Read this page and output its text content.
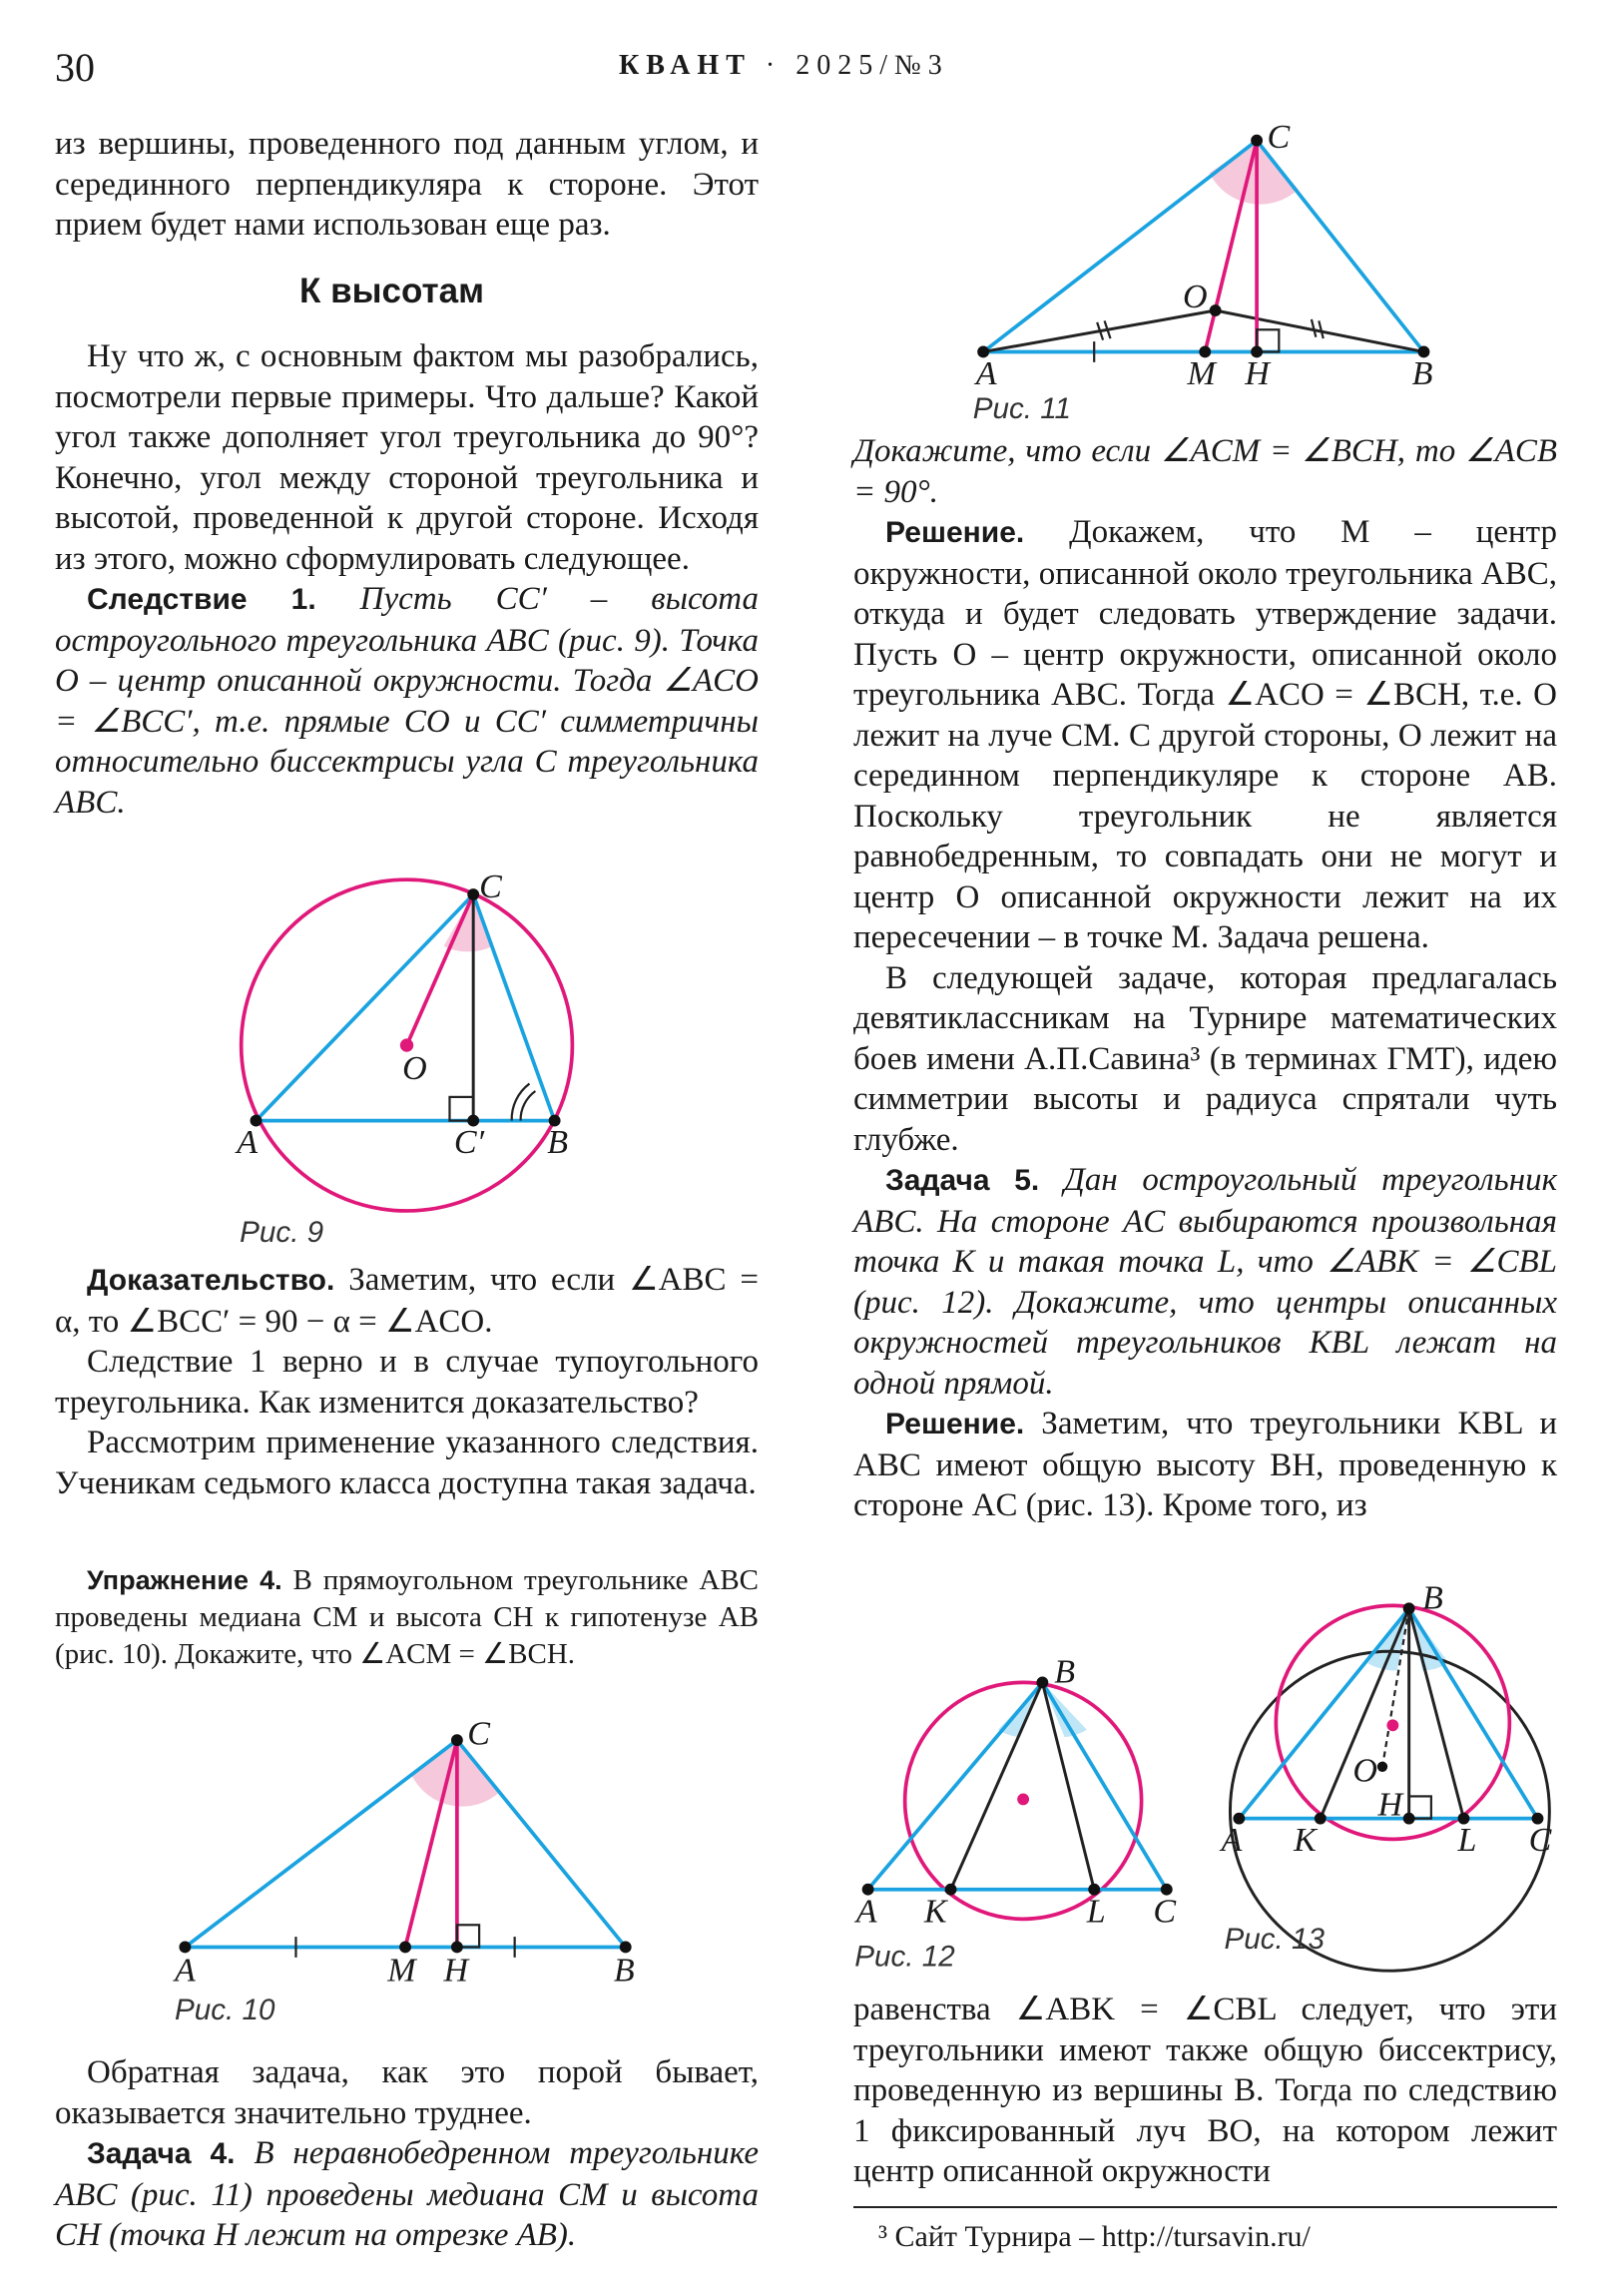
30	КВАНТ · 2025/№3

из вершины, проведенного под данным углом, и серединного перпендикуляра к стороне. Этот прием будет нами использован еще раз.

К высотам

Ну что ж, с основным фактом мы разобрались, посмотрели первые примеры. Что дальше? Какой угол также дополняет угол треугольника до 90°? Конечно, угол между стороной треугольника и высотой, проведенной к другой стороне. Исходя из этого, можно сформулировать следующее.

Следствие 1. Пусть CC′ – высота остроугольного треугольника ABC (рис. 9). Точка O – центр описанной окружности. Тогда ∠ACO = ∠BCC′, т.е. прямые CO и CC′ симметричны относительно биссектрисы угла C треугольника ABC.

Доказательство. Заметим, что если ∠ABC = α, то ∠BCC′ = 90 − α = ∠ACO.

Следствие 1 верно и в случае тупоугольного треугольника. Как изменится доказательство?

Рассмотрим применение указанного следствия. Ученикам седьмого класса доступна такая задача.

Упражнение 4. В прямоугольном треугольнике ABC проведены медиана CM и высота CH к гипотенузе AB (рис. 10). Докажите, что ∠ACM = ∠BCH.

Обратная задача, как это порой бывает, оказывается значительно труднее.

Задача 4. В неравнобедренном треугольнике ABC (рис. 11) проведены медиана CM и высота CH (точка H лежит на отрезке AB).

Докажите, что если ∠ACM = ∠BCH, то ∠ACB = 90°.

Решение. Докажем, что M – центр окружности, описанной около треугольника ABC, откуда и будет следовать утверждение задачи. Пусть O – центр окружности, описанной около треугольника ABC. Тогда ∠ACO = ∠BCH, т.е. O лежит на луче CM. С другой стороны, O лежит на серединном перпендикуляре к стороне AB. Поскольку треугольник не является равнобедренным, то совпадать они не могут и центр O описанной окружности лежит на их пересечении – в точке M. Задача решена.

В следующей задаче, которая предлагалась девятиклассникам на Турнире математических боев имени А.П.Савина³ (в терминах ГМТ), идею симметрии высоты и радиуса спрятали чуть глубже.

Задача 5. Дан остроугольный треугольник ABC. На стороне AC выбираются произвольная точка K и такая точка L, что ∠ABK = ∠CBL (рис. 12). Докажите, что центры описанных окружностей треугольников KBL лежат на одной прямой.

Решение. Заметим, что треугольники KBL и ABC имеют общую высоту BH, проведенную к стороне AC (рис. 13). Кроме того, из

равенства ∠ABK = ∠CBL следует, что эти треугольники имеют также общую биссектрису, проведенную из вершины B. Тогда по следствию 1 фиксированный луч BO, на котором лежит центр описанной окружности

³ Сайт Турнира – http://tursavin.ru/
A	B
C
C′
O
Рис. 9
A	M H	B
C
Рис. 10
A	M H	B
C
O
Рис. 11
A K	L C
B
Рис. 12
A K
H
L C
B
O
Рис. 13
